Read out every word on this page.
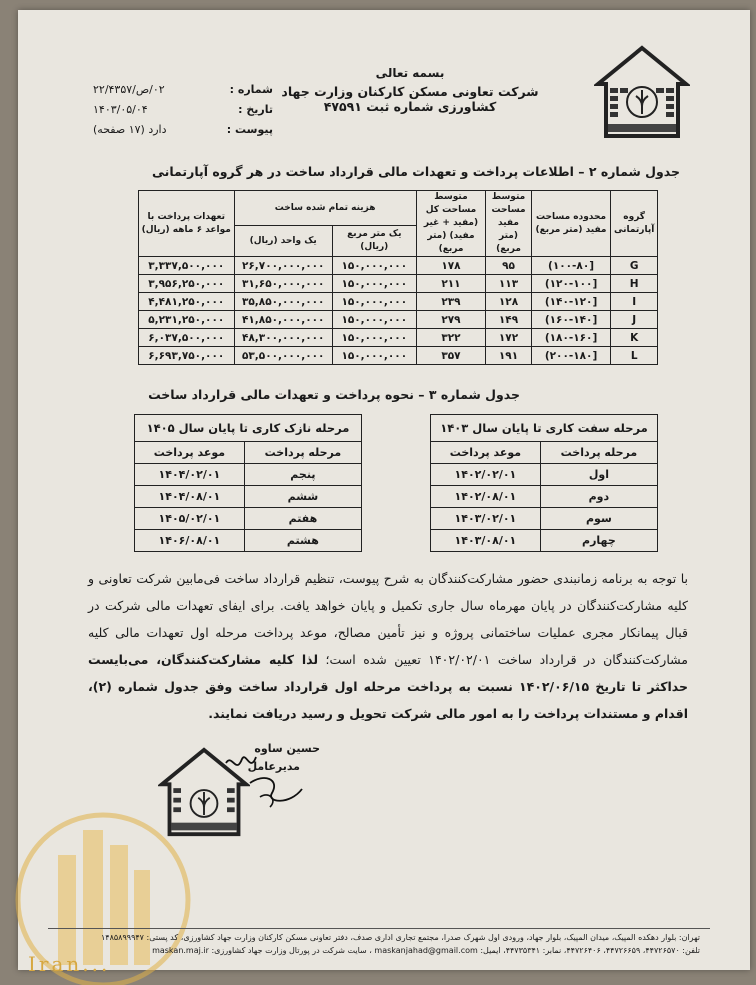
بسمه تعالی
شرکت تعاونی مسکن کارکنان وزارت جهاد کشاورزی شماره ثبت ۴۷۵۹۱
شماره :
۰۲/ص/۲۲/۴۳۵۷
تاریخ :
۱۴۰۳/۰۵/۰۴
پیوست :
دارد (۱۷ صفحه)
جدول شماره ۲ – اطلاعات پرداخت و تعهدات مالی قرارداد ساخت در هر گروه آپارتمانی
گروه آپارتمانی	محدوده مساحت مفید (متر مربع)	متوسط مساحت مفید (متر مربع)	متوسط مساحت کل (مفید + غیر مفید) (متر مربع)	هزینه تمام شده ساخت		تعهدات پرداخت با مواعد ۶ ماهه (ریال)
				یک متر مربع (ریال)	یک واحد (ریال)	
G	[۱۰۰-۸۰)	۹۵	۱۷۸	۱۵۰,۰۰۰,۰۰۰	۲۶,۷۰۰,۰۰۰,۰۰۰	۳,۳۳۷,۵۰۰,۰۰۰
H	[۱۲۰-۱۰۰)	۱۱۳	۲۱۱	۱۵۰,۰۰۰,۰۰۰	۳۱,۶۵۰,۰۰۰,۰۰۰	۳,۹۵۶,۲۵۰,۰۰۰
I	[۱۴۰-۱۲۰)	۱۲۸	۲۳۹	۱۵۰,۰۰۰,۰۰۰	۳۵,۸۵۰,۰۰۰,۰۰۰	۴,۴۸۱,۲۵۰,۰۰۰
J	[۱۶۰-۱۴۰)	۱۴۹	۲۷۹	۱۵۰,۰۰۰,۰۰۰	۴۱,۸۵۰,۰۰۰,۰۰۰	۵,۲۳۱,۲۵۰,۰۰۰
K	[۱۸۰-۱۶۰)	۱۷۲	۳۲۲	۱۵۰,۰۰۰,۰۰۰	۴۸,۳۰۰,۰۰۰,۰۰۰	۶,۰۳۷,۵۰۰,۰۰۰
L	[۲۰۰-۱۸۰)	۱۹۱	۳۵۷	۱۵۰,۰۰۰,۰۰۰	۵۳,۵۰۰,۰۰۰,۰۰۰	۶,۶۹۳,۷۵۰,۰۰۰
جدول شماره ۳ – نحوه پرداخت و تعهدات مالی قرارداد ساخت
مرحله سفت کاری تا پایان سال ۱۴۰۳	
مرحله پرداخت	موعد پرداخت
اول	۱۴۰۲/۰۲/۰۱
دوم	۱۴۰۲/۰۸/۰۱
سوم	۱۴۰۳/۰۲/۰۱
چهارم	۱۴۰۳/۰۸/۰۱
مرحله نازک کاری تا پایان سال ۱۴۰۵	
مرحله پرداخت	موعد پرداخت
پنجم	۱۴۰۴/۰۲/۰۱
ششم	۱۴۰۴/۰۸/۰۱
هفتم	۱۴۰۵/۰۲/۰۱
هشتم	۱۴۰۶/۰۸/۰۱
با توجه به برنامه زمانبندی حضور مشارکت‌کنندگان به شرح پیوست، تنظیم قرارداد ساخت فی‌مابین شرکت تعاونی و کلیه مشارکت‌کنندگان در پایان مهرماه سال جاری تکمیل و پایان خواهد یافت. برای ایفای تعهدات مالی شرکت در قبال پیمانکار مجری عملیات ساختمانی پروژه و نیز تأمین مصالح، موعد پرداخت مرحله اول تعهدات مالی کلیه مشارکت‌کنندگان در قرارداد ساخت ۱۴۰۲/۰۲/۰۱ تعیین شده است؛ لذا کلیه مشارکت‌کنندگان، می‌بایست حداکثر تا تاریخ ۱۴۰۲/۰۶/۱۵ نسبت به پرداخت مرحله اول قرارداد ساخت وفق جدول شماره (۲)، اقدام و مستندات پرداخت را به امور مالی شرکت تحویل و رسید دریافت نمایند.
حسین ساوه
مدیرعامل
تهران: بلوار دهکده المپیک، میدان المپیک، بلوار جهاد، ورودی اول شهرک صدرا، مجتمع تجاری اداری صدف، دفتر تعاونی مسکن کارکنان وزارت جهاد کشاورزی، کد پستی: ۱۴۸۵۸۹۹۹۴۷
تلفن: ۴۴۷۲۶۵۷۰، ۴۴۷۲۶۶۵۹، ۴۴۷۲۶۴۰۶، نمابر: ۴۴۷۳۵۳۴۱، ایمیل: maskanjahad@gmail.com ، سایت شرکت در پورتال وزارت جهاد کشاورزی: maskan.maj.ir
Iran...
